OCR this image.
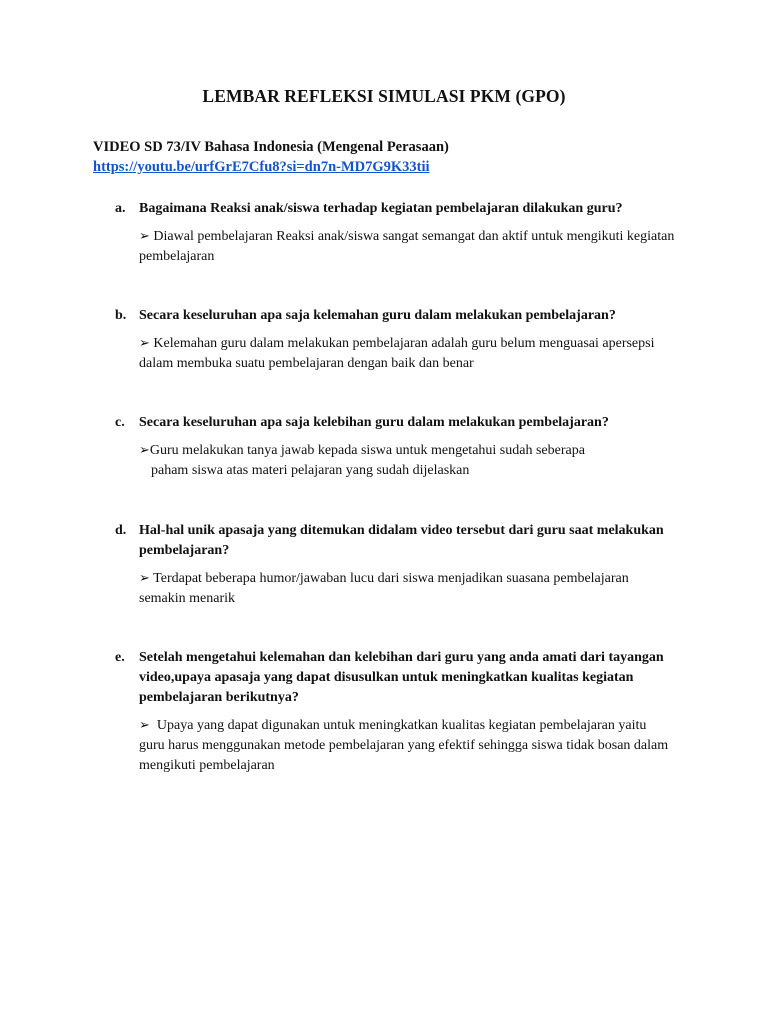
LEMBAR REFLEKSI SIMULASI PKM (GPO)
VIDEO SD 73/IV Bahasa Indonesia (Mengenal Perasaan)
https://youtu.be/urfGrE7Cfu8?si=dn7n-MD7G9K33tii
a. Bagaimana Reaksi anak/siswa terhadap kegiatan pembelajaran dilakukan guru?
➢ Diawal pembelajaran Reaksi anak/siswa sangat semangat dan aktif untuk mengikuti kegiatan pembelajaran
b. Secara keseluruhan apa saja kelemahan guru dalam melakukan pembelajaran?
➢ Kelemahan guru dalam melakukan pembelajaran adalah guru belum menguasai apersepsi dalam membuka suatu pembelajaran dengan baik dan benar
c.	Secara keseluruhan apa saja kelebihan guru dalam melakukan pembelajaran?
➢Guru melakukan tanya jawab kepada siswa untuk mengetahui sudah seberapa
paham siswa atas materi pelajaran yang sudah dijelaskan
d. Hal-hal unik apasaja yang ditemukan didalam video tersebut dari guru saat melakukan pembelajaran?
➢ Terdapat beberapa humor/jawaban lucu dari siswa menjadikan suasana pembelajaran semakin menarik
e.	Setelah mengetahui kelemahan dan kelebihan dari guru yang anda amati dari tayangan video,upaya apasaja yang dapat disusulkan untuk meningkatkan kualitas kegiatan pembelajaran berikutnya?
➢ Upaya yang dapat digunakan untuk meningkatkan kualitas kegiatan pembelajaran yaitu guru harus menggunakan metode pembelajaran yang efektif sehingga siswa tidak bosan dalam mengikuti pembelajaran
